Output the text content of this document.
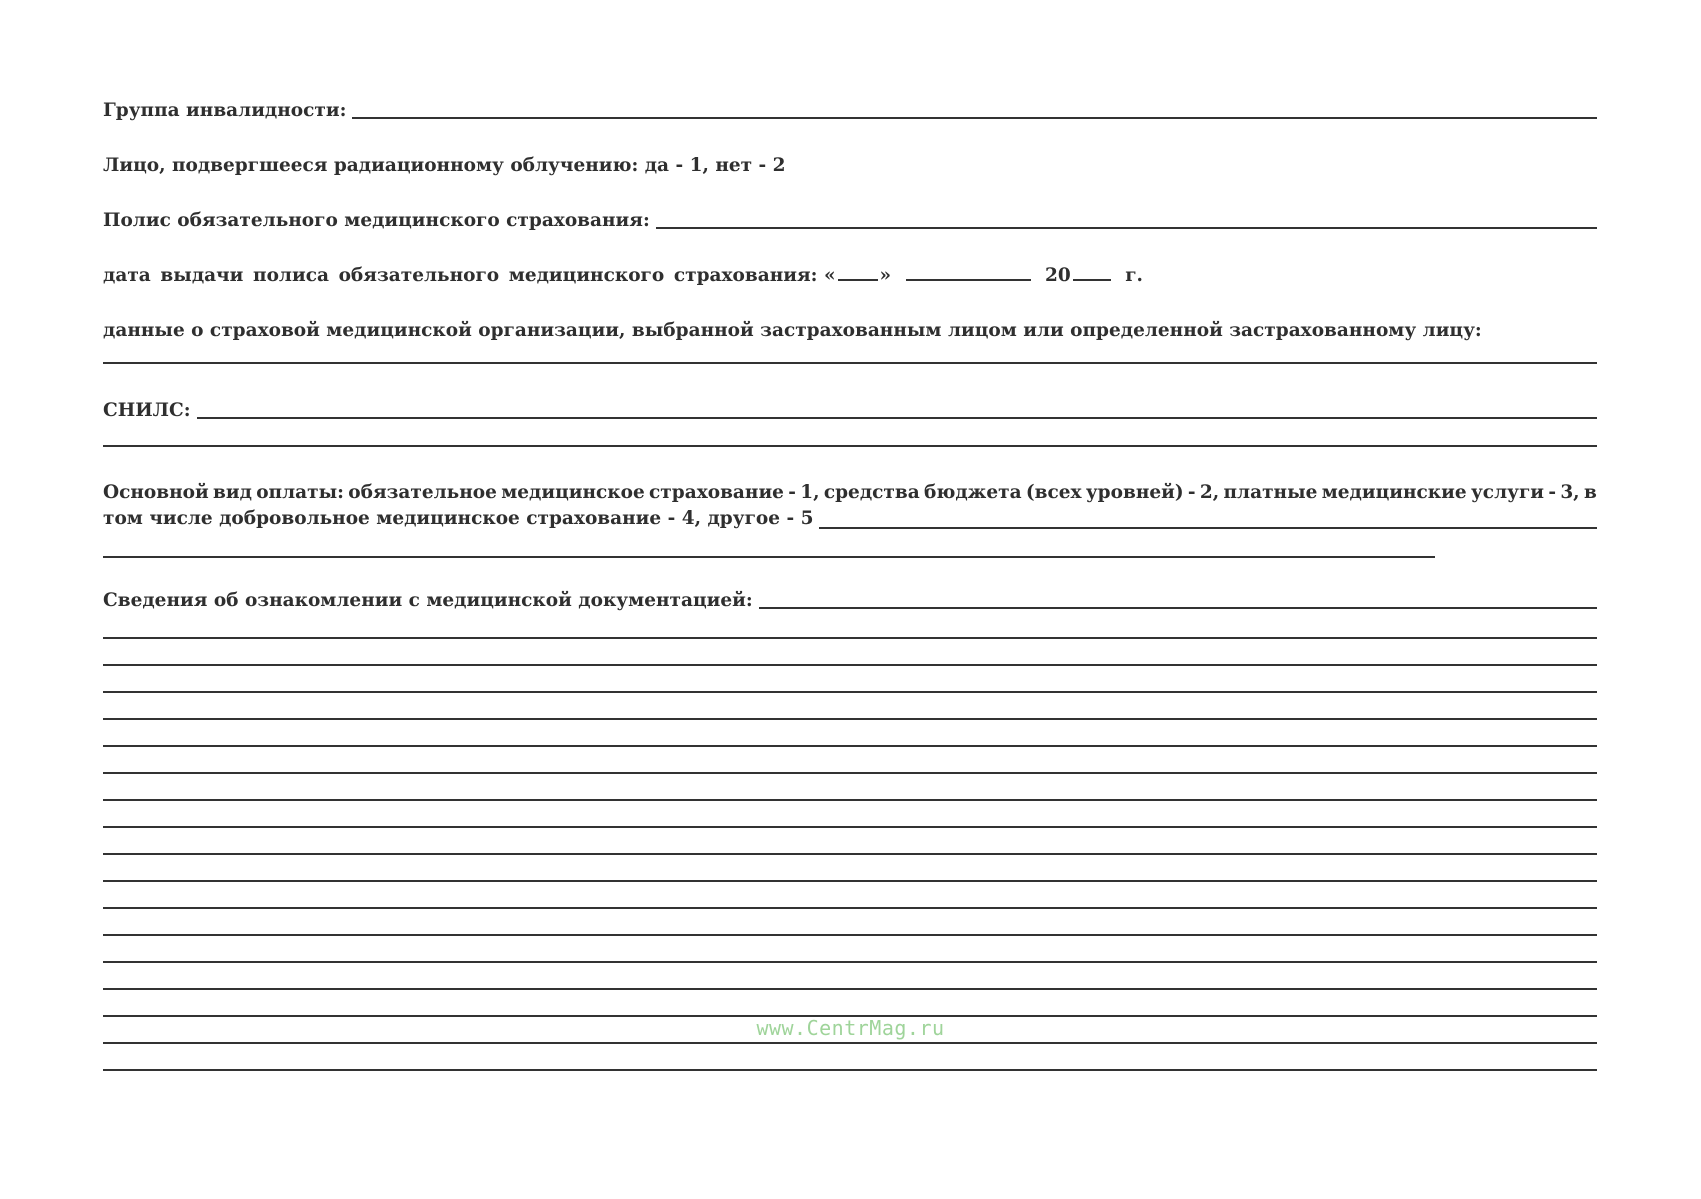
Группа инвалидности:
Лицо, подвергшееся радиационному облучению: да - 1, нет - 2
Полис обязательного медицинского страхования:
дата выдачи полиса обязательного медицинского страхования: « »	20	г.
данные о страховой медицинской организации, выбранной застрахованным лицом или определенной застрахованному лицу:
СНИЛС:
Основной вид оплаты: обязательное медицинское страхование - 1, средства бюджета (всех уровней) - 2, платные медицинские услуги - 3, в
том числе добровольное медицинское страхование - 4, другое - 5
Сведения об ознакомлении с медицинской документацией:
www.CentrMag.ru
